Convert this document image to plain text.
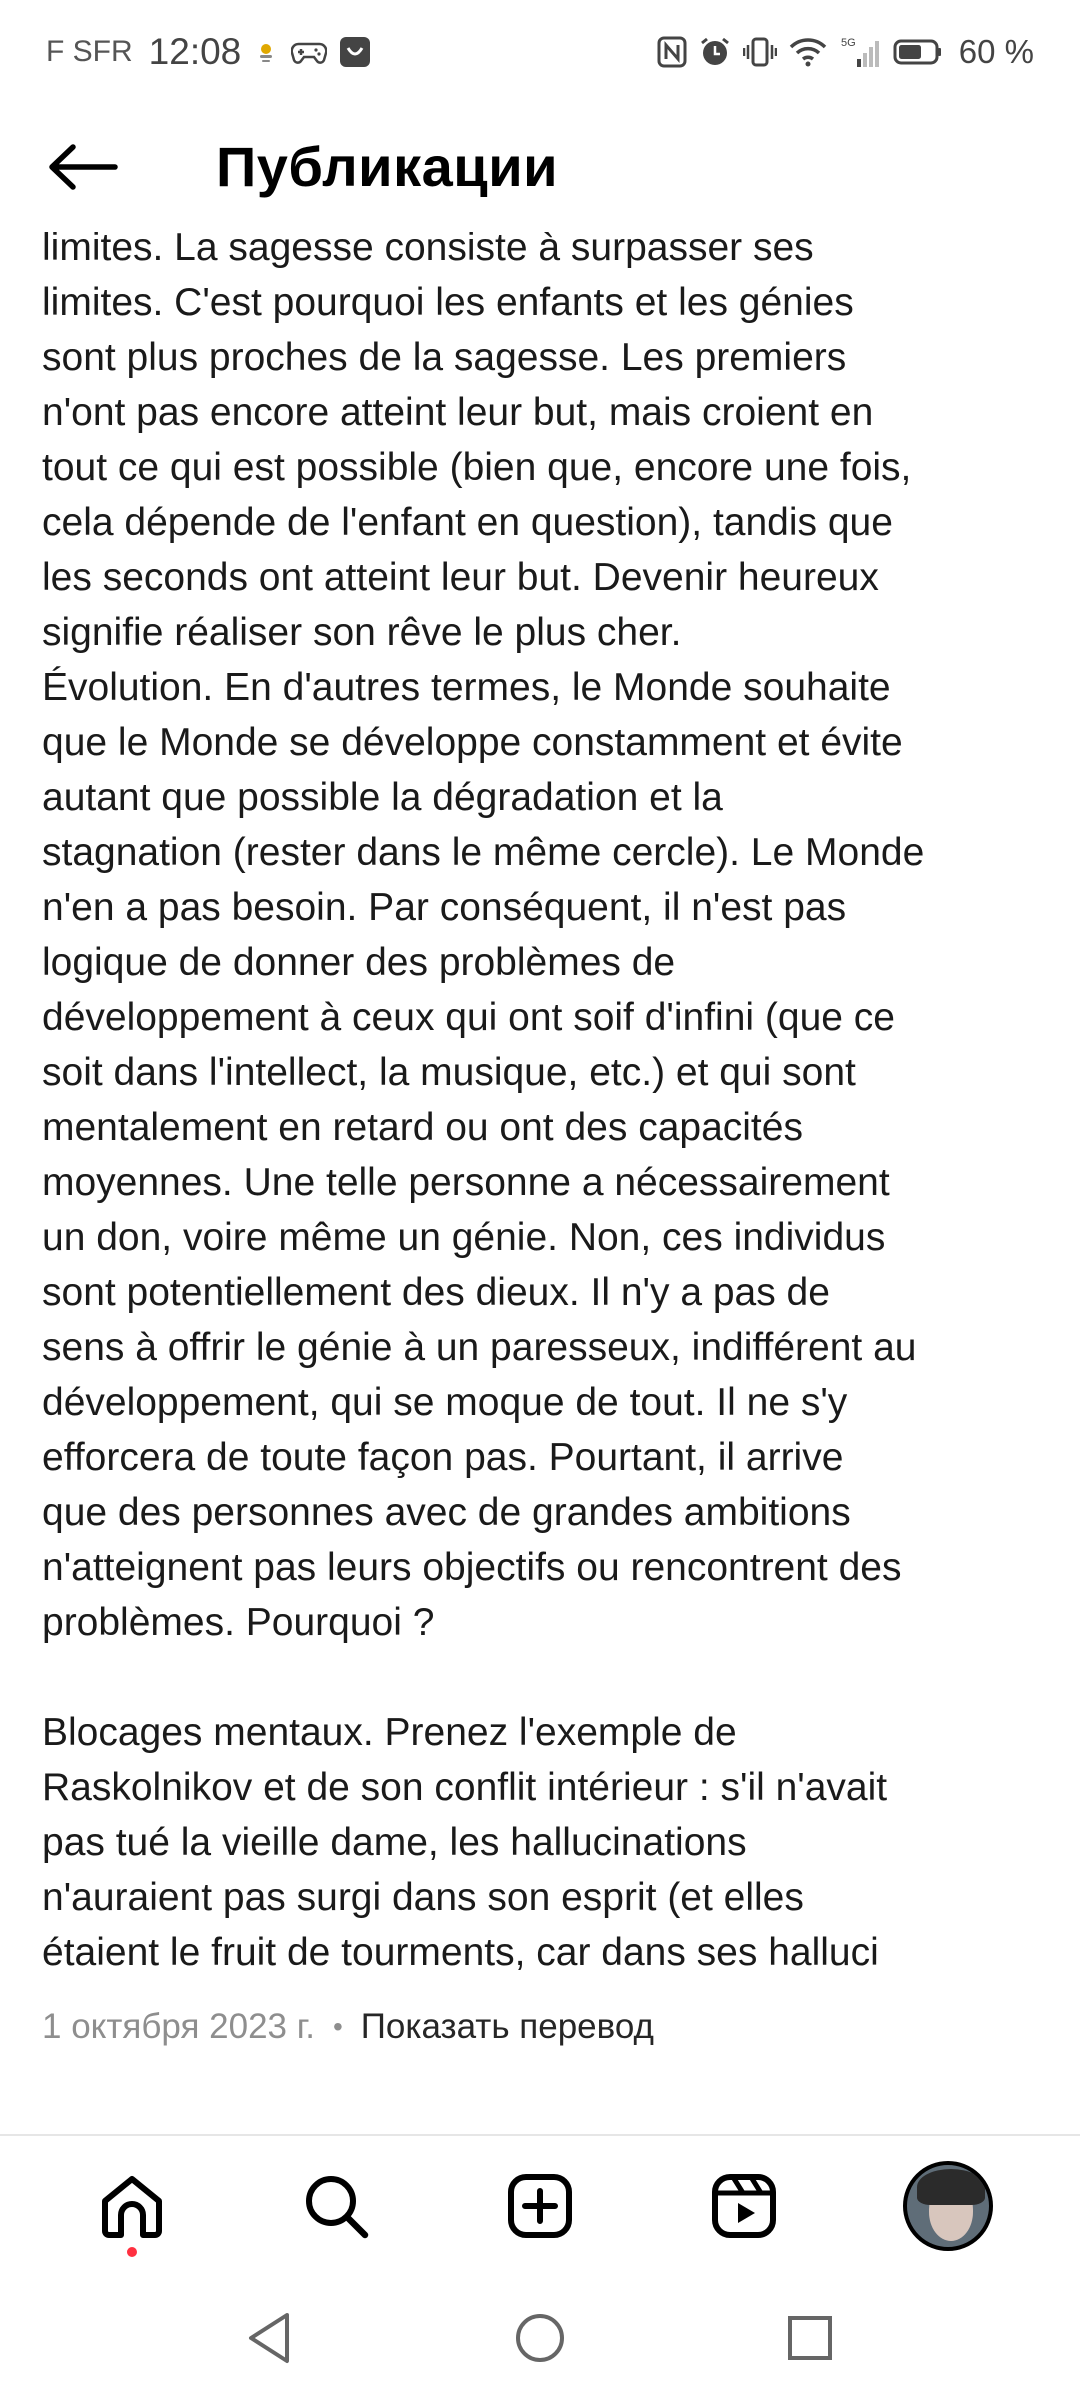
F SFR 12:08	5G	60 %
Публикации
limites. La sagesse consiste à surpasser ses
limites. C'est pourquoi les enfants et les génies
sont plus proches de la sagesse. Les premiers
n'ont pas encore atteint leur but, mais croient en
tout ce qui est possible (bien que, encore une fois,
cela dépende de l'enfant en question), tandis que
les seconds ont atteint leur but. Devenir heureux
signifie réaliser son rêve le plus cher.
Évolution. En d'autres termes, le Monde souhaite
que le Monde se développe constamment et évite
autant que possible la dégradation et la
stagnation (rester dans le même cercle). Le Monde
n'en a pas besoin. Par conséquent, il n'est pas
logique de donner des problèmes de
développement à ceux qui ont soif d'infini (que ce
soit dans l'intellect, la musique, etc.) et qui sont
mentalement en retard ou ont des capacités
moyennes. Une telle personne a nécessairement
un don, voire même un génie. Non, ces individus
sont potentiellement des dieux. Il n'y a pas de
sens à offrir le génie à un paresseux, indifférent au
développement, qui se moque de tout. Il ne s'y
efforcera de toute façon pas. Pourtant, il arrive
que des personnes avec de grandes ambitions
n'atteignent pas leurs objectifs ou rencontrent des
problèmes. Pourquoi ?
Blocages mentaux. Prenez l'exemple de
Raskolnikov et de son conflit intérieur : s'il n'avait
pas tué la vieille dame, les hallucinations
n'auraient pas surgi dans son esprit (et elles
étaient le fruit de tourments, car dans ses halluci
1 октября 2023 г. • Показать перевод
